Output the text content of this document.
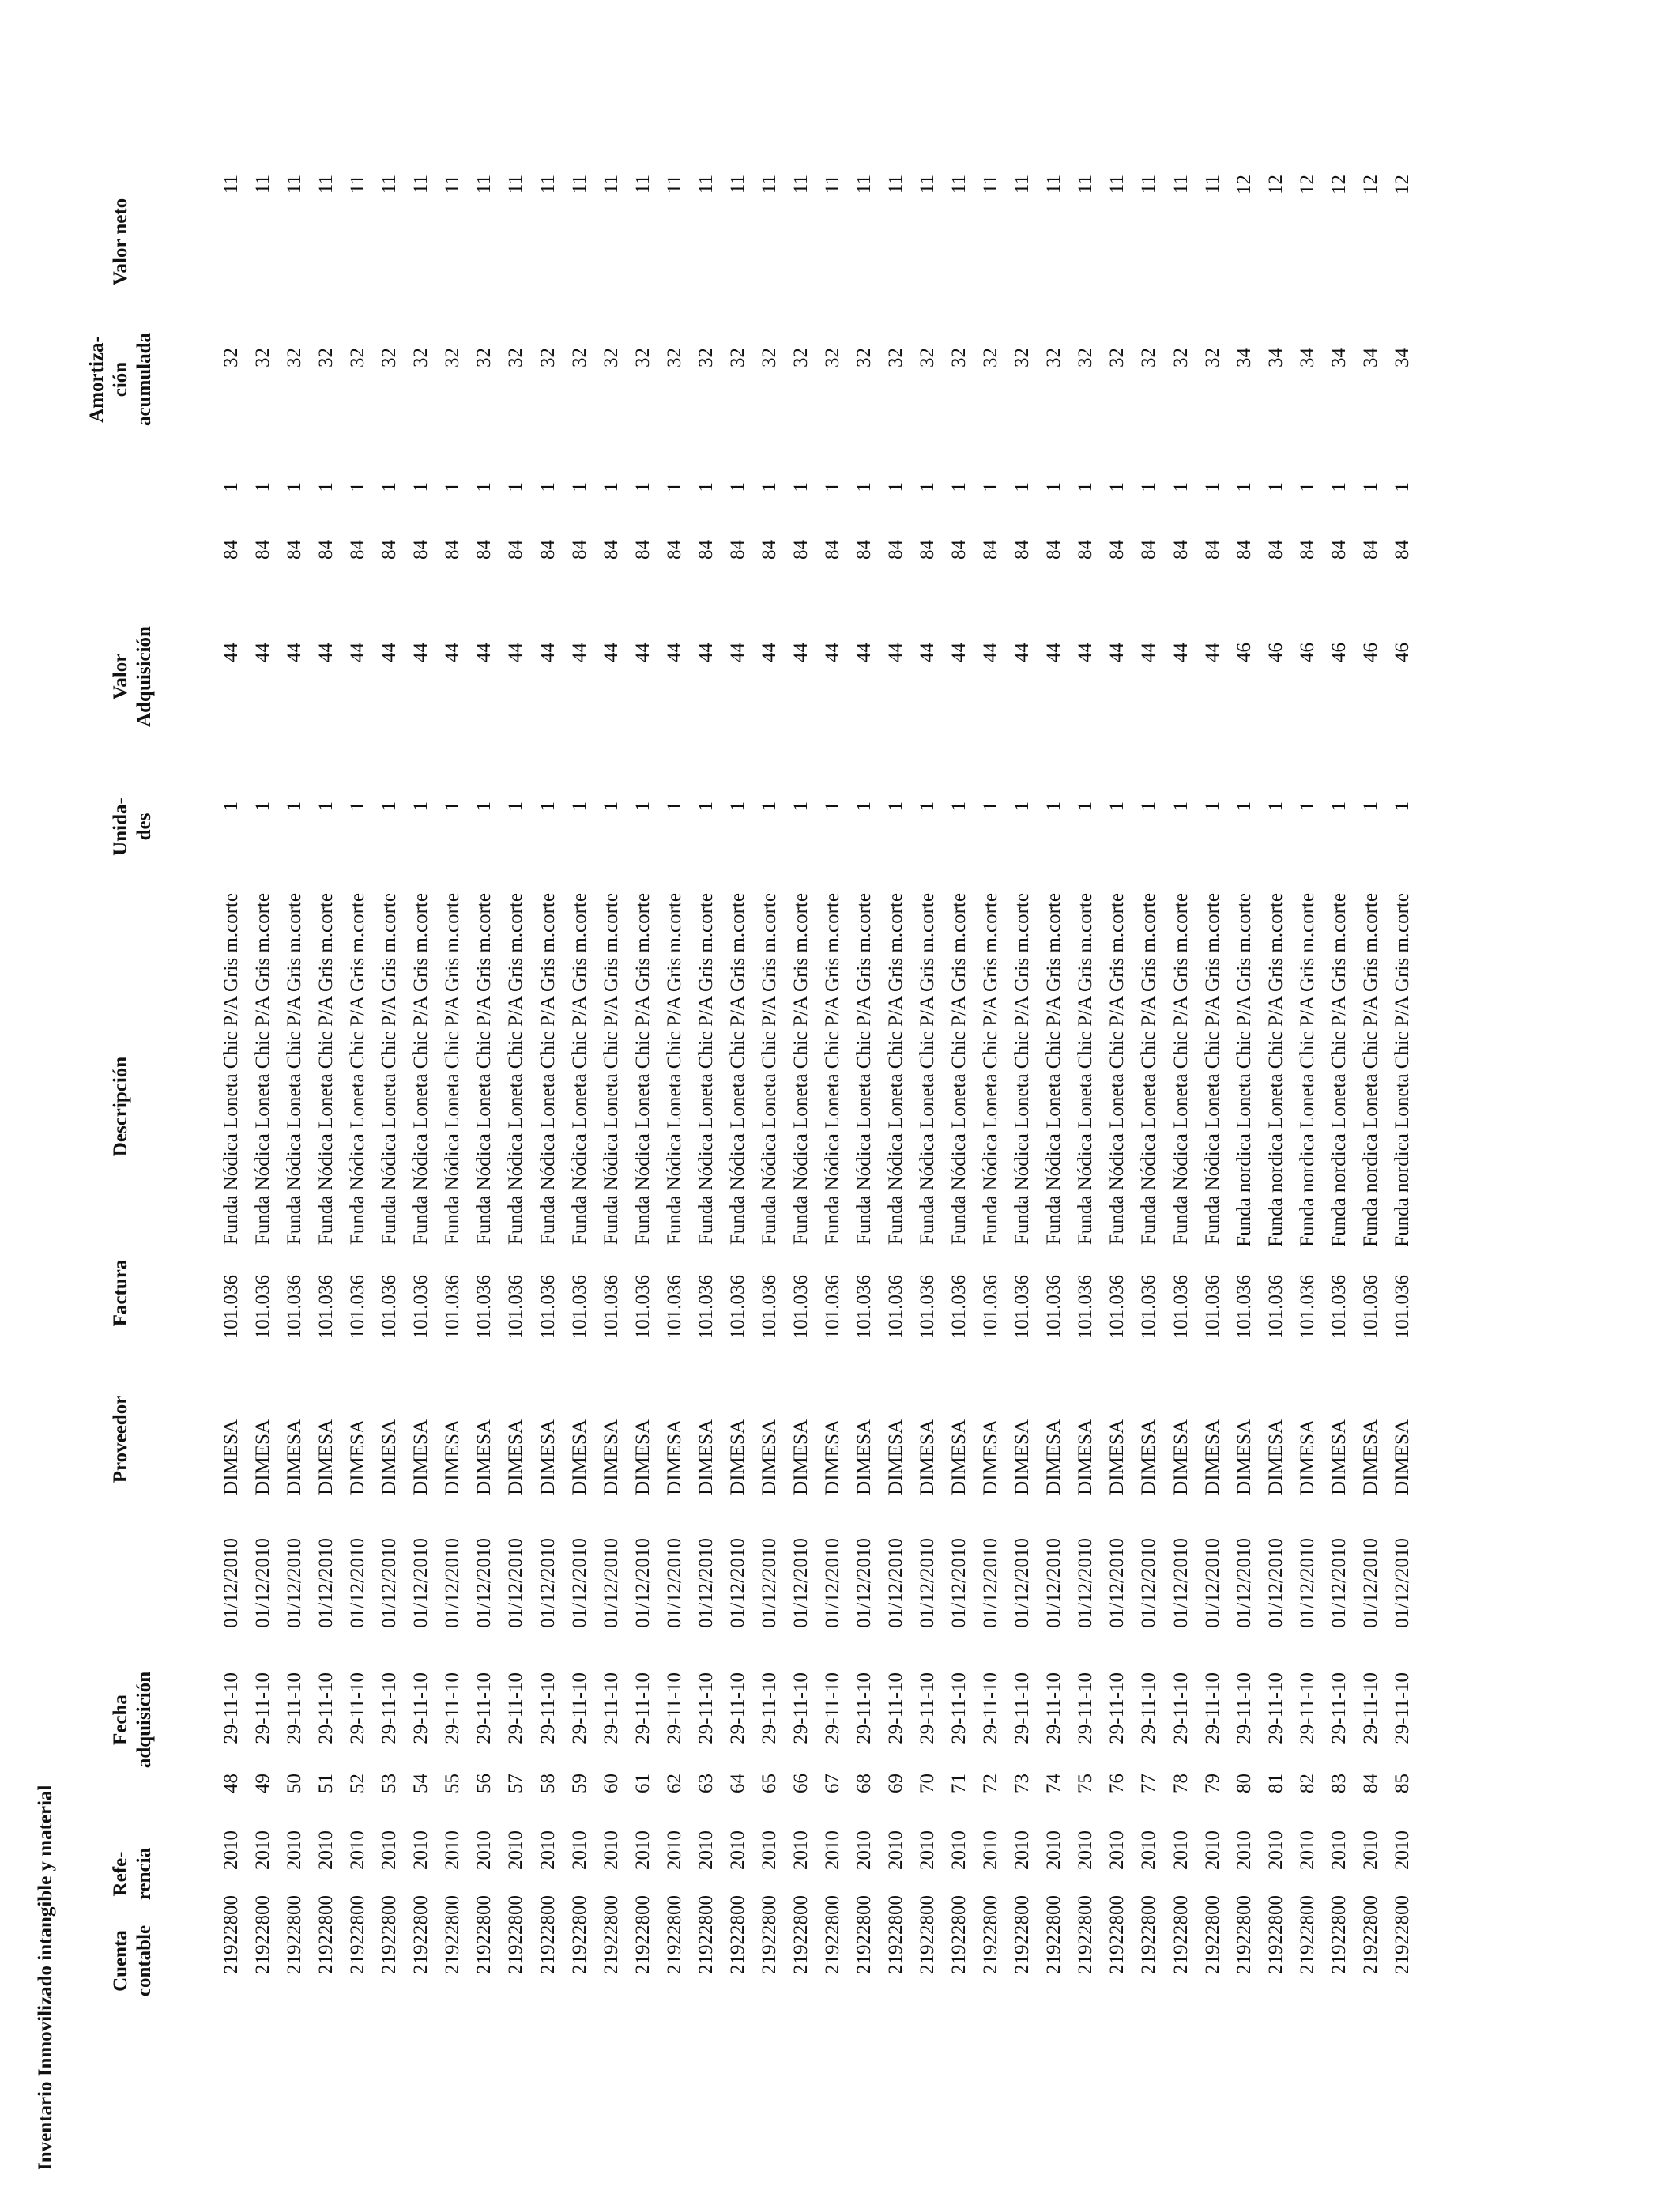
Inventario Inmovilizado intangible y material	Cuenta
contable
Refe-
rencia
Fecha
adquisición
Proveedor
Factura
Descripción
Unida-
des
Valor
Adquisición
Amortiza-
ción
acumulada
Valor neto
21922800
2010
48
29-11-10
01/12/2010
DIMESA
101.036
Funda Nódica Loneta Chic P/A Gris m.corte
1
44
84
1
32
11
21922800
2010
49
29-11-10
01/12/2010
DIMESA
101.036
Funda Nódica Loneta Chic P/A Gris m.corte
1
44
84
1
32
11
21922800
2010
50
29-11-10
01/12/2010
DIMESA
101.036
Funda Nódica Loneta Chic P/A Gris m.corte
1
44
84
1
32
11
21922800
2010
51
29-11-10
01/12/2010
DIMESA
101.036
Funda Nódica Loneta Chic P/A Gris m.corte
1
44
84
1
32
11
21922800
2010
52
29-11-10
01/12/2010
DIMESA
101.036
Funda Nódica Loneta Chic P/A Gris m.corte
1
44
84
1
32
11
21922800
2010
53
29-11-10
01/12/2010
DIMESA
101.036
Funda Nódica Loneta Chic P/A Gris m.corte
1
44
84
1
32
11
21922800
2010
54
29-11-10
01/12/2010
DIMESA
101.036
Funda Nódica Loneta Chic P/A Gris m.corte
1
44
84
1
32
11
21922800
2010
55
29-11-10
01/12/2010
DIMESA
101.036
Funda Nódica Loneta Chic P/A Gris m.corte
1
44
84
1
32
11
21922800
2010
56
29-11-10
01/12/2010
DIMESA
101.036
Funda Nódica Loneta Chic P/A Gris m.corte
1
44
84
1
32
11
21922800
2010
57
29-11-10
01/12/2010
DIMESA
101.036
Funda Nódica Loneta Chic P/A Gris m.corte
1
44
84
1
32
11
21922800
2010
58
29-11-10
01/12/2010
DIMESA
101.036
Funda Nódica Loneta Chic P/A Gris m.corte
1
44
84
1
32
11
21922800
2010
59
29-11-10
01/12/2010
DIMESA
101.036
Funda Nódica Loneta Chic P/A Gris m.corte
1
44
84
1
32
11
21922800
2010
60
29-11-10
01/12/2010
DIMESA
101.036
Funda Nódica Loneta Chic P/A Gris m.corte
1
44
84
1
32
11
21922800
2010
61
29-11-10
01/12/2010
DIMESA
101.036
Funda Nódica Loneta Chic P/A Gris m.corte
1
44
84
1
32
11
21922800
2010
62
29-11-10
01/12/2010
DIMESA
101.036
Funda Nódica Loneta Chic P/A Gris m.corte
1
44
84
1
32
11
21922800
2010
63
29-11-10
01/12/2010
DIMESA
101.036
Funda Nódica Loneta Chic P/A Gris m.corte
1
44
84
1
32
11
21922800
2010
64
29-11-10
01/12/2010
DIMESA
101.036
Funda Nódica Loneta Chic P/A Gris m.corte
1
44
84
1
32
11
21922800
2010
65
29-11-10
01/12/2010
DIMESA
101.036
Funda Nódica Loneta Chic P/A Gris m.corte
1
44
84
1
32
11
21922800
2010
66
29-11-10
01/12/2010
DIMESA
101.036
Funda Nódica Loneta Chic P/A Gris m.corte
1
44
84
1
32
11
21922800
2010
67
29-11-10
01/12/2010
DIMESA
101.036
Funda Nódica Loneta Chic P/A Gris m.corte
1
44
84
1
32
11
21922800
2010
68
29-11-10
01/12/2010
DIMESA
101.036
Funda Nódica Loneta Chic P/A Gris m.corte
1
44
84
1
32
11
21922800
2010
69
29-11-10
01/12/2010
DIMESA
101.036
Funda Nódica Loneta Chic P/A Gris m.corte
1
44
84
1
32
11
21922800
2010
70
29-11-10
01/12/2010
DIMESA
101.036
Funda Nódica Loneta Chic P/A Gris m.corte
1
44
84
1
32
11
21922800
2010
71
29-11-10
01/12/2010
DIMESA
101.036
Funda Nódica Loneta Chic P/A Gris m.corte
1
44
84
1
32
11
21922800
2010
72
29-11-10
01/12/2010
DIMESA
101.036
Funda Nódica Loneta Chic P/A Gris m.corte
1
44
84
1
32
11
21922800
2010
73
29-11-10
01/12/2010
DIMESA
101.036
Funda Nódica Loneta Chic P/A Gris m.corte
1
44
84
1
32
11
21922800
2010
74
29-11-10
01/12/2010
DIMESA
101.036
Funda Nódica Loneta Chic P/A Gris m.corte
1
44
84
1
32
11
21922800
2010
75
29-11-10
01/12/2010
DIMESA
101.036
Funda Nódica Loneta Chic P/A Gris m.corte
1
44
84
1
32
11
21922800
2010
76
29-11-10
01/12/2010
DIMESA
101.036
Funda Nódica Loneta Chic P/A Gris m.corte
1
44
84
1
32
11
21922800
2010
77
29-11-10
01/12/2010
DIMESA
101.036
Funda Nódica Loneta Chic P/A Gris m.corte
1
44
84
1
32
11
21922800
2010
78
29-11-10
01/12/2010
DIMESA
101.036
Funda Nódica Loneta Chic P/A Gris m.corte
1
44
84
1
32
11
21922800
2010
79
29-11-10
01/12/2010
DIMESA
101.036
Funda Nódica Loneta Chic P/A Gris m.corte
1
44
84
1
32
11
21922800
2010
80
29-11-10
01/12/2010
DIMESA
101.036
Funda nordica Loneta Chic P/A Gris m.corte
1
46
84
1
34
12
21922800
2010
81
29-11-10
01/12/2010
DIMESA
101.036
Funda nordica Loneta Chic P/A Gris m.corte
1
46
84
1
34
12
21922800
2010
82
29-11-10
01/12/2010
DIMESA
101.036
Funda nordica Loneta Chic P/A Gris m.corte
1
46
84
1
34
12
21922800
2010
83
29-11-10
01/12/2010
DIMESA
101.036
Funda nordica Loneta Chic P/A Gris m.corte
1
46
84
1
34
12
21922800
2010
84
29-11-10
01/12/2010
DIMESA
101.036
Funda nordica Loneta Chic P/A Gris m.corte
1
46
84
1
34
12
21922800
2010
85
29-11-10
01/12/2010
DIMESA
101.036
Funda nordica Loneta Chic P/A Gris m.corte
1
46
84
1
34
12
